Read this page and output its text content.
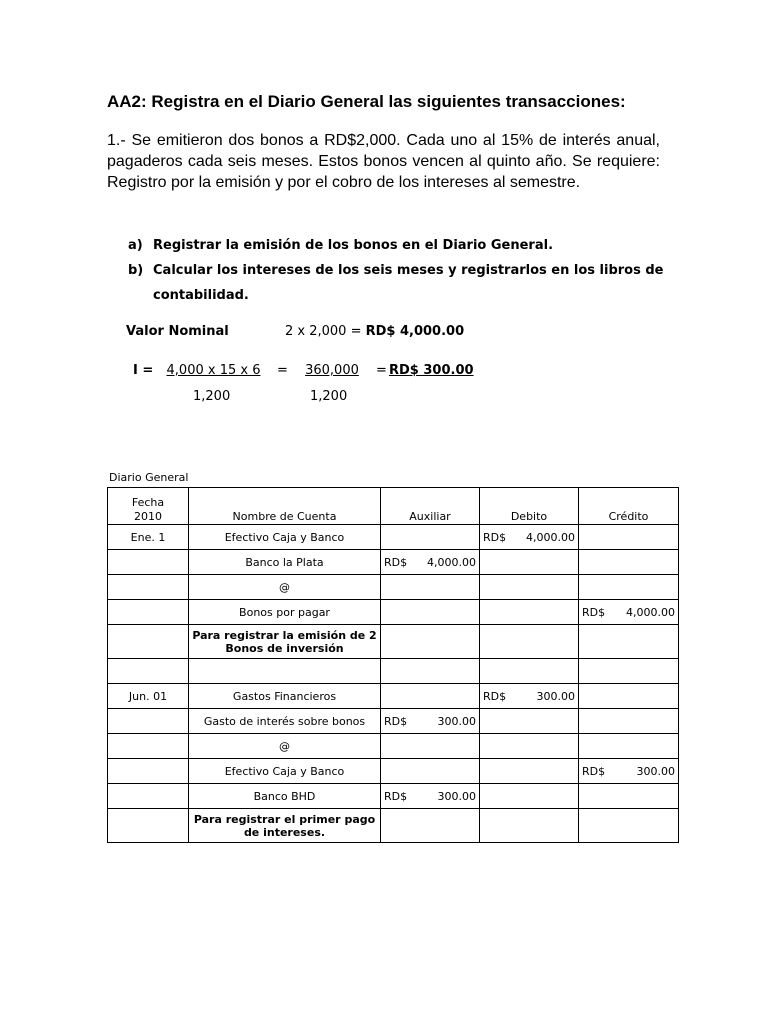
AA2: Registra en el Diario General las siguientes transacciones:

1.- Se emitieron dos bonos a RD$2,000. Cada uno al 15% de interés anual, pagaderos cada seis meses. Estos bonos vencen al quinto año. Se requiere: Registro por la emisión y por el cobro de los intereses al semestre.

a) Registrar la emisión de los bonos en el Diario General.
b) Calcular los intereses de los seis meses y registrarlos en los libros de contabilidad.
Valor Nominal	2 x 2,000 = RD$ 4,000.00
I =	4,000 x 15 x 6	=	360,000	= RD$ 300.00
1,200	1,200
Diario General
Fecha
2010	Nombre de Cuenta	Auxiliar	Debito	Crédito
Ene. 1	Efectivo Caja y Banco		RD$ 4,000.00	

	Banco la Plata	RD$ 4,000.00		

	@	

	Bonos por pagar			RD$ 4,000.00

	Para registrar la emisión de 2 Bonos de inversión	

Jun. 01	Gastos Financieros		RD$ 300.00	

	Gasto de interés sobre bonos	RD$ 300.00		

	@	

	Efectivo Caja y Banco			RD$ 300.00

	Banco BHD	RD$ 300.00		

	Para registrar el primer pago de intereses.	
